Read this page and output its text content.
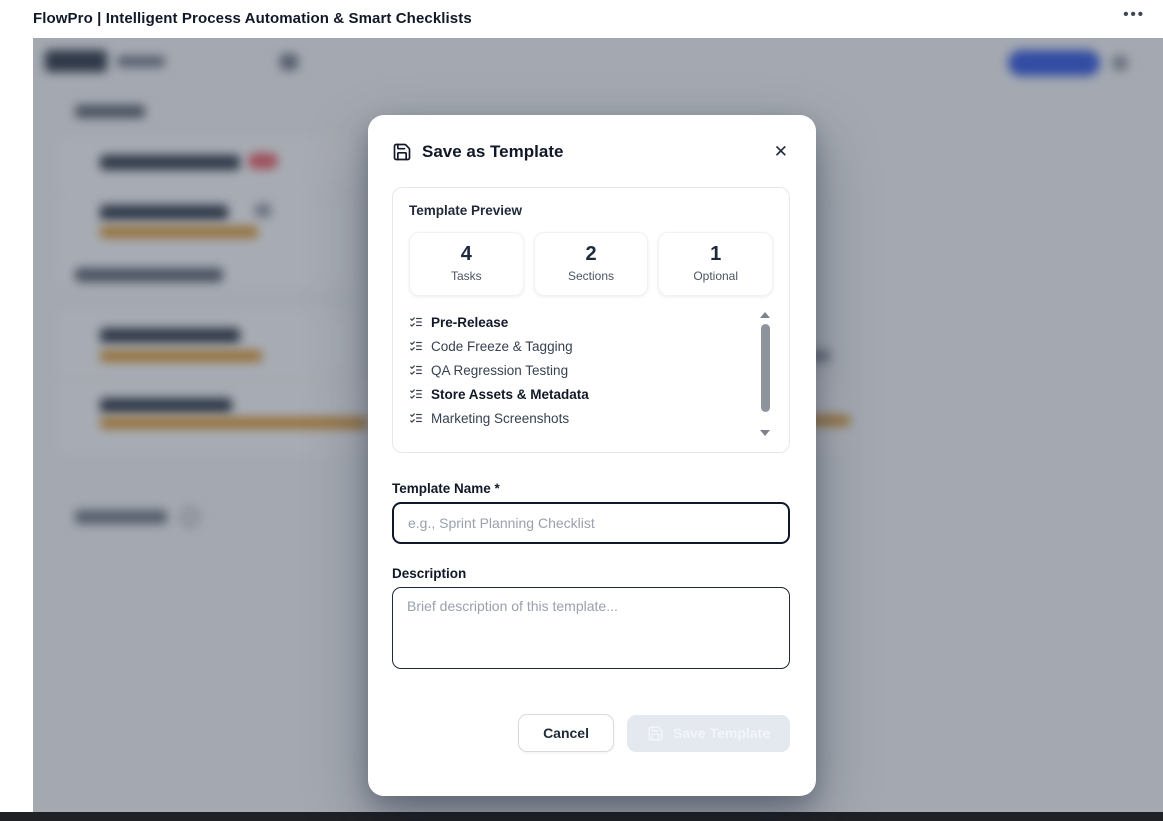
FlowPro | Intelligent Process Automation & Smart Checklists	•••
Save as Template	✕
Template Preview
4
Tasks
2
Sections
1
Optional
Pre-Release
Code Freeze & Tagging
QA Regression Testing
Store Assets & Metadata
Marketing Screenshots
Template Name *
e.g., Sprint Planning Checklist
Description
Brief description of this template...
Cancel	Save Template
